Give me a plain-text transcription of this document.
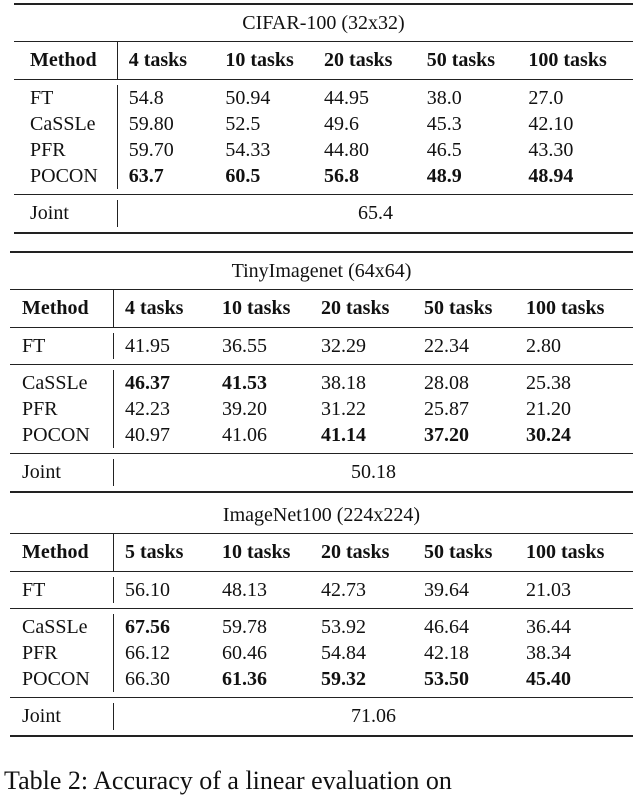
CIFAR-100 (32x32)
Method	4 tasks	10 tasks	20 tasks	50 tasks	100 tasks
FT	54.8	50.94	44.95	38.0	27.0
CaSSLe	59.80	52.5	49.6	45.3	42.10
PFR	59.70	54.33	44.80	46.5	43.30
POCON	63.7	60.5	56.8	48.9	48.94
Joint	65.4
TinyImagenet (64x64)
Method	4 tasks	10 tasks	20 tasks	50 tasks	100 tasks
FT	41.95	36.55	32.29	22.34	2.80
CaSSLe	46.37	41.53	38.18	28.08	25.38
PFR	42.23	39.20	31.22	25.87	21.20
POCON	40.97	41.06	41.14	37.20	30.24
Joint	50.18
ImageNet100 (224x224)
Method	5 tasks	10 tasks	20 tasks	50 tasks	100 tasks
FT	56.10	48.13	42.73	39.64	21.03
CaSSLe	67.56	59.78	53.92	46.64	36.44
PFR	66.12	60.46	54.84	42.18	38.34
POCON	66.30	61.36	59.32	53.50	45.40
Joint	71.06
Table 2: Accuracy of a linear evaluation on
